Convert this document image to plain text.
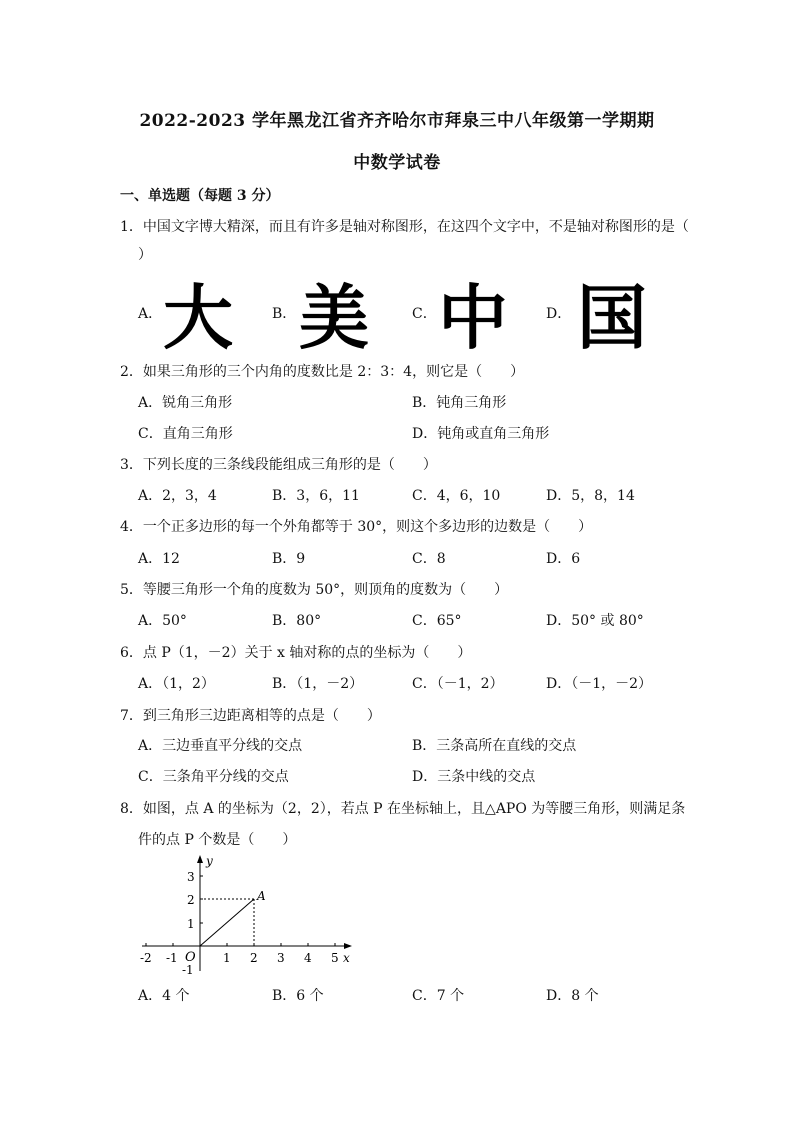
2022-2023 学年黑龙江省齐齐哈尔市拜泉三中八年级第一学期期
中数学试卷
一、单选题（每题 3 分）
1．中国文字博大精深，而且有许多是轴对称图形，在这四个文字中，不是轴对称图形的是（
）
A． 大	B． 美	C． 中	D． 国
2．如果三角形的三个内角的度数比是 2：3：4，则它是（　　）
A．锐角三角形	B．钝角三角形
C．直角三角形	D．钝角或直角三角形
3．下列长度的三条线段能组成三角形的是（　　）
A．2，3，4	B．3，6，11	C．4，6，10	D．5，8，14
4．一个正多边形的每一个外角都等于 30°，则这个多边形的边数是（　　）
A．12	B．9	C．8	D．6
5．等腰三角形一个角的度数为 50°，则顶角的度数为（　　）
A．50°	B．80°	C．65°	D．50° 或 80°
6．点 P（1，－2）关于 x 轴对称的点的坐标为（　　）
A．（1，2）	B．（1，－2）	C．（－1，2）	D．（－1，－2）
7．到三角形三边距离相等的点是（　　）
A．三边垂直平分线的交点	B．三条高所在直线的交点
C．三条角平分线的交点	D．三条中线的交点
8．如图，点 A 的坐标为（2，2），若点 P 在坐标轴上，且△APO 为等腰三角形，则满足条
件的点 P 个数是（　　）
-2 -1	1 2 3 4 5
3
2
1
-1
O	x
y
A
A．4 个	B．6 个	C．7 个	D．8 个
